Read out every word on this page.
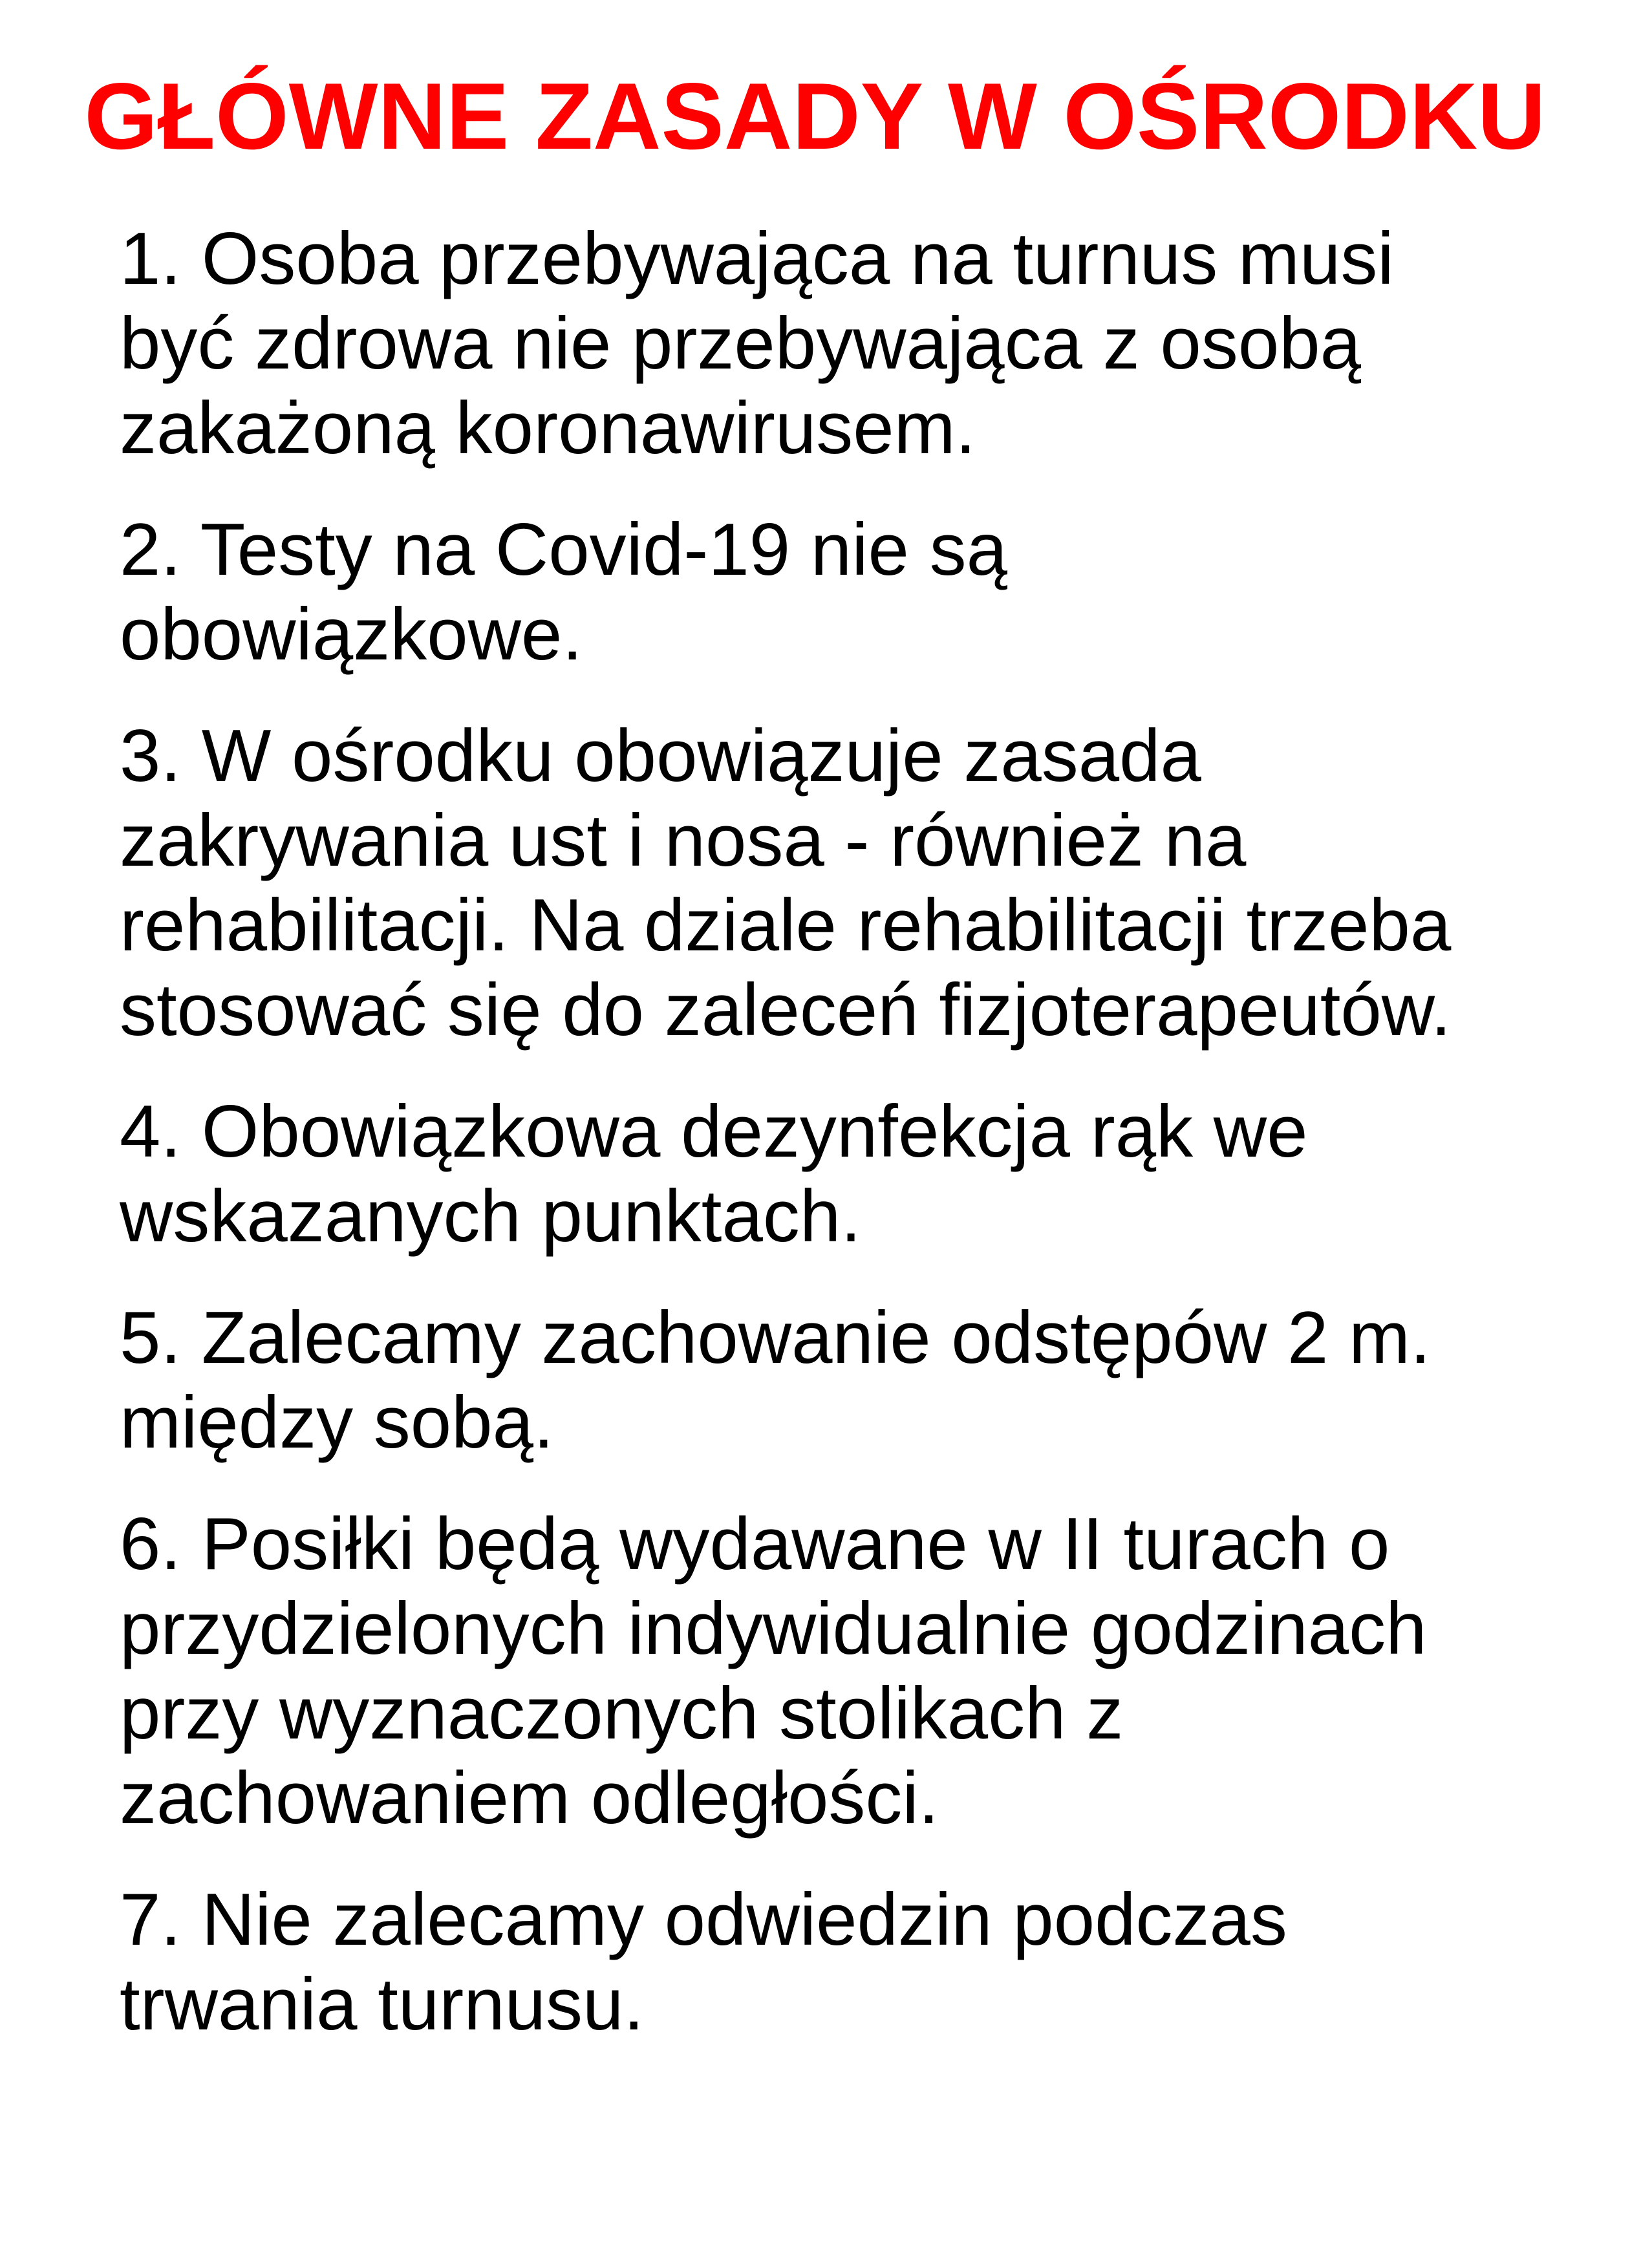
GŁÓWNE ZASADY W OŚRODKU
1. Osoba przebywająca na turnus musi
być zdrowa nie przebywająca z osobą
zakażoną koronawirusem.
2. Testy na Covid-19 nie są
obowiązkowe.
3. W ośrodku obowiązuje zasada
zakrywania ust i nosa - również na
rehabilitacji. Na dziale rehabilitacji trzeba
stosować się do zaleceń fizjoterapeutów.
4. Obowiązkowa dezynfekcja rąk we
wskazanych punktach.
5. Zalecamy zachowanie odstępów 2 m.
między sobą.
6. Posiłki będą wydawane w II turach o
przydzielonych indywidualnie godzinach
przy wyznaczonych stolikach z
zachowaniem odległości.
7. Nie zalecamy odwiedzin podczas
trwania turnusu.
